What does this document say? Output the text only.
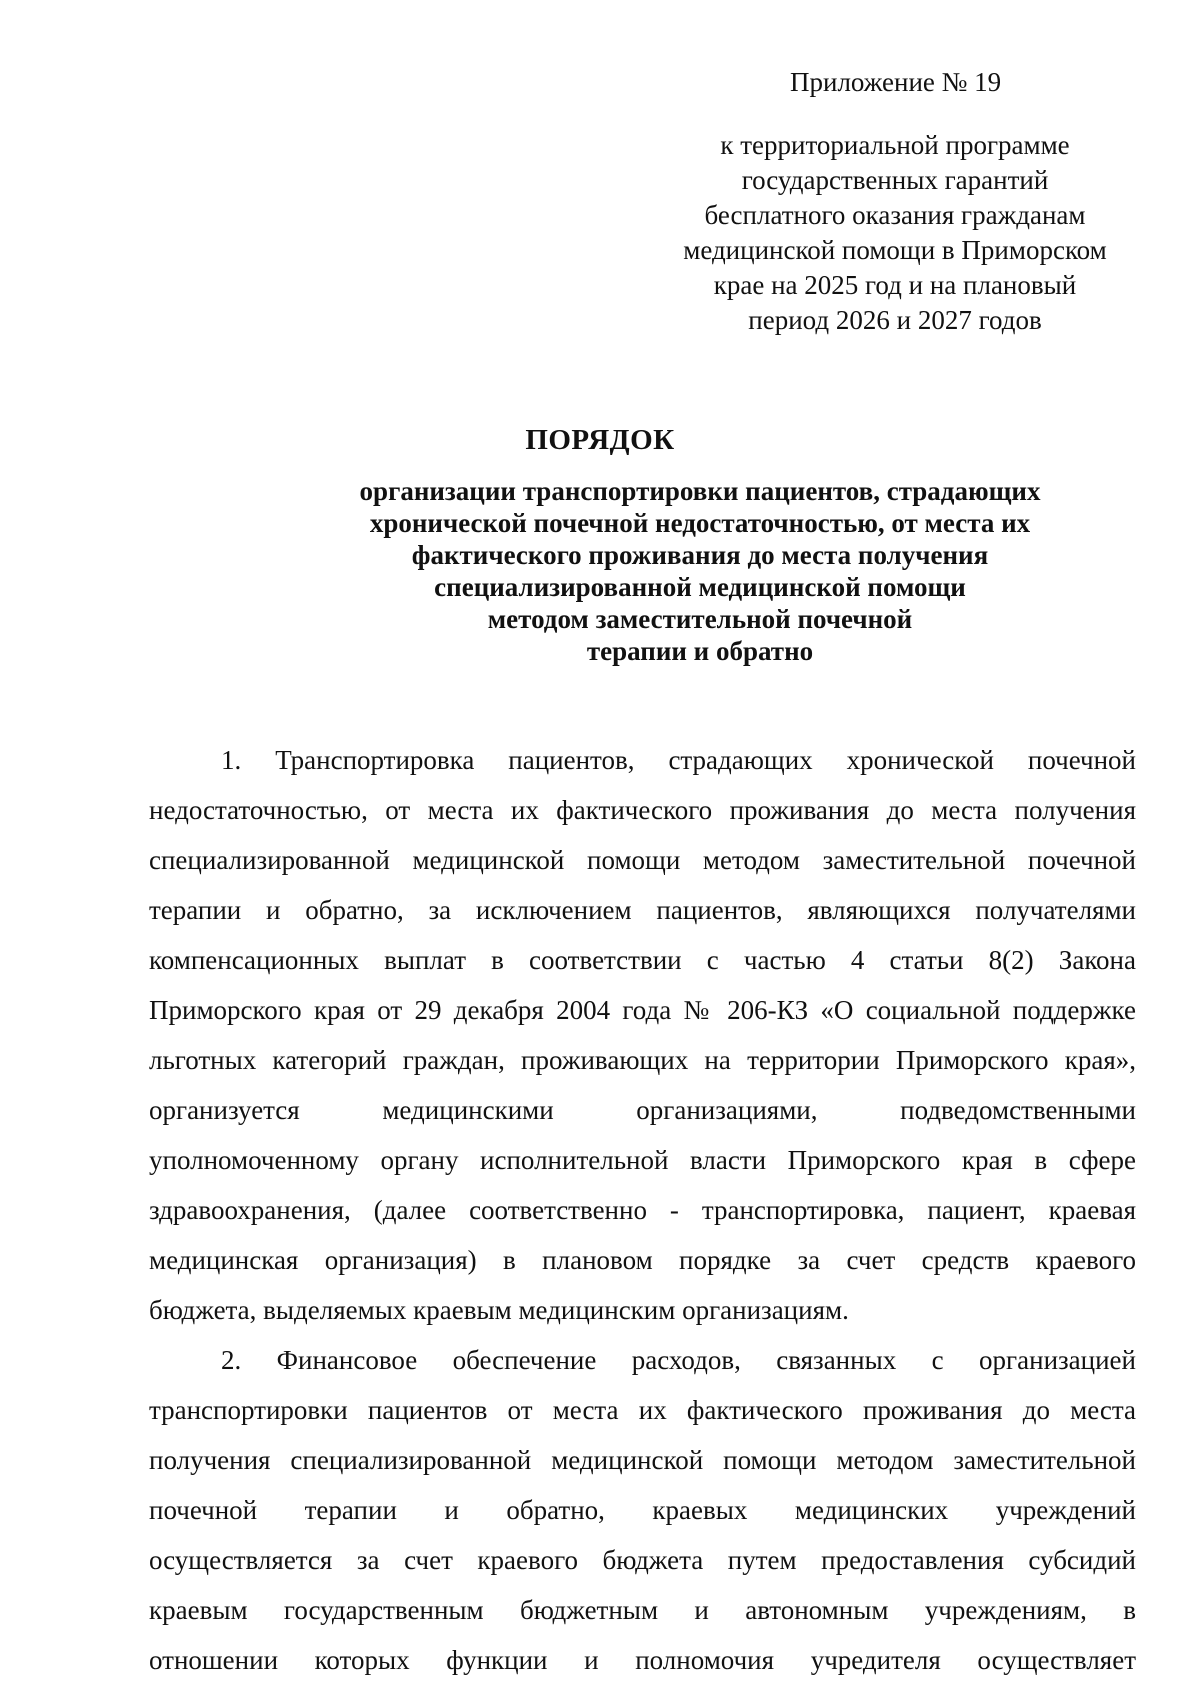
Приложение № 19
к территориальной программе
государственных гарантий
бесплатного оказания гражданам
медицинской помощи в Приморском
крае на 2025 год и на плановый
период 2026 и 2027 годов
ПОРЯДОК
организации транспортировки пациентов, страдающих
хронической почечной недостаточностью, от места их
фактического проживания до места получения
специализированной медицинской помощи
методом заместительной почечной
терапии и обратно
1. Транспортировка пациентов, страдающих хронической почечной
недостаточностью, от места их фактического проживания до места получения
специализированной медицинской помощи методом заместительной почечной
терапии и обратно, за исключением пациентов, являющихся получателями
компенсационных выплат в соответствии с частью 4 статьи 8(2) Закона
Приморского края от 29 декабря 2004 года № 206-КЗ «О социальной поддержке
льготных категорий граждан, проживающих на территории Приморского края»,
организуется медицинскими организациями, подведомственными
уполномоченному органу исполнительной власти Приморского края в сфере
здравоохранения, (далее соответственно - транспортировка, пациент, краевая
медицинская организация) в плановом порядке за счет средств краевого
бюджета, выделяемых краевым медицинским организациям.
2. Финансовое обеспечение расходов, связанных с организацией
транспортировки пациентов от места их фактического проживания до места
получения специализированной медицинской помощи методом заместительной
почечной терапии и обратно, краевых медицинских учреждений
осуществляется за счет краевого бюджета путем предоставления субсидий
краевым государственным бюджетным и автономным учреждениям, в
отношении которых функции и полномочия учредителя осуществляет
